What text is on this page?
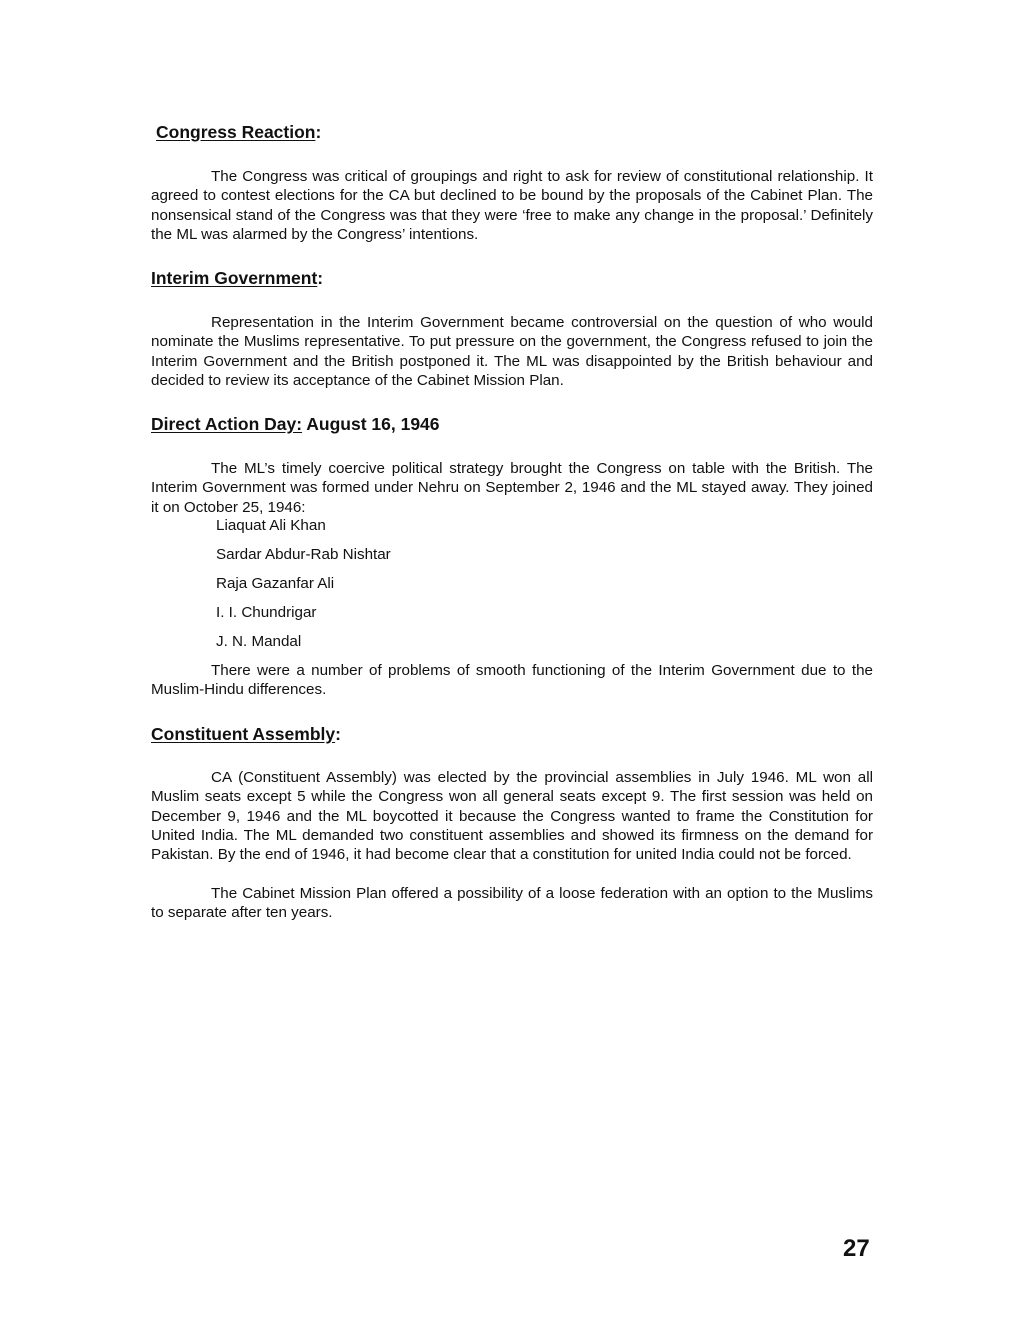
Congress Reaction:

The Congress was critical of groupings and right to ask for review of constitutional relationship. It agreed to contest elections for the CA but declined to be bound by the proposals of the Cabinet Plan. The nonsensical stand of the Congress was that they were ‘free to make any change in the proposal.’ Definitely the ML was alarmed by the Congress’ intentions.

Interim Government:

Representation in the Interim Government became controversial on the question of who would nominate the Muslims representative. To put pressure on the government, the Congress refused to join the Interim Government and the British postponed it. The ML was disappointed by the British behaviour and decided to review its acceptance of the Cabinet Mission Plan.

Direct Action Day: August 16, 1946

The ML’s timely coercive political strategy brought the Congress on table with the British. The Interim Government was formed under Nehru on September 2, 1946 and the ML stayed away. They joined it on October 25, 1946:

Liaquat Ali Khan
Sardar Abdur-Rab Nishtar
Raja Gazanfar Ali
I. I. Chundrigar
J. N. Mandal

There were a number of problems of smooth functioning of the Interim Government due to the Muslim-Hindu differences.

Constituent Assembly:

CA (Constituent Assembly) was elected by the provincial assemblies in July 1946. ML won all Muslim seats except 5 while the Congress won all general seats except 9. The first session was held on December 9, 1946 and the ML boycotted it because the Congress wanted to frame the Constitution for United India. The ML demanded two constituent assemblies and showed its firmness on the demand for Pakistan. By the end of 1946, it had become clear that a constitution for united India could not be forced.

The Cabinet Mission Plan offered a possibility of a loose federation with an option to the Muslims to separate after ten years.

27
